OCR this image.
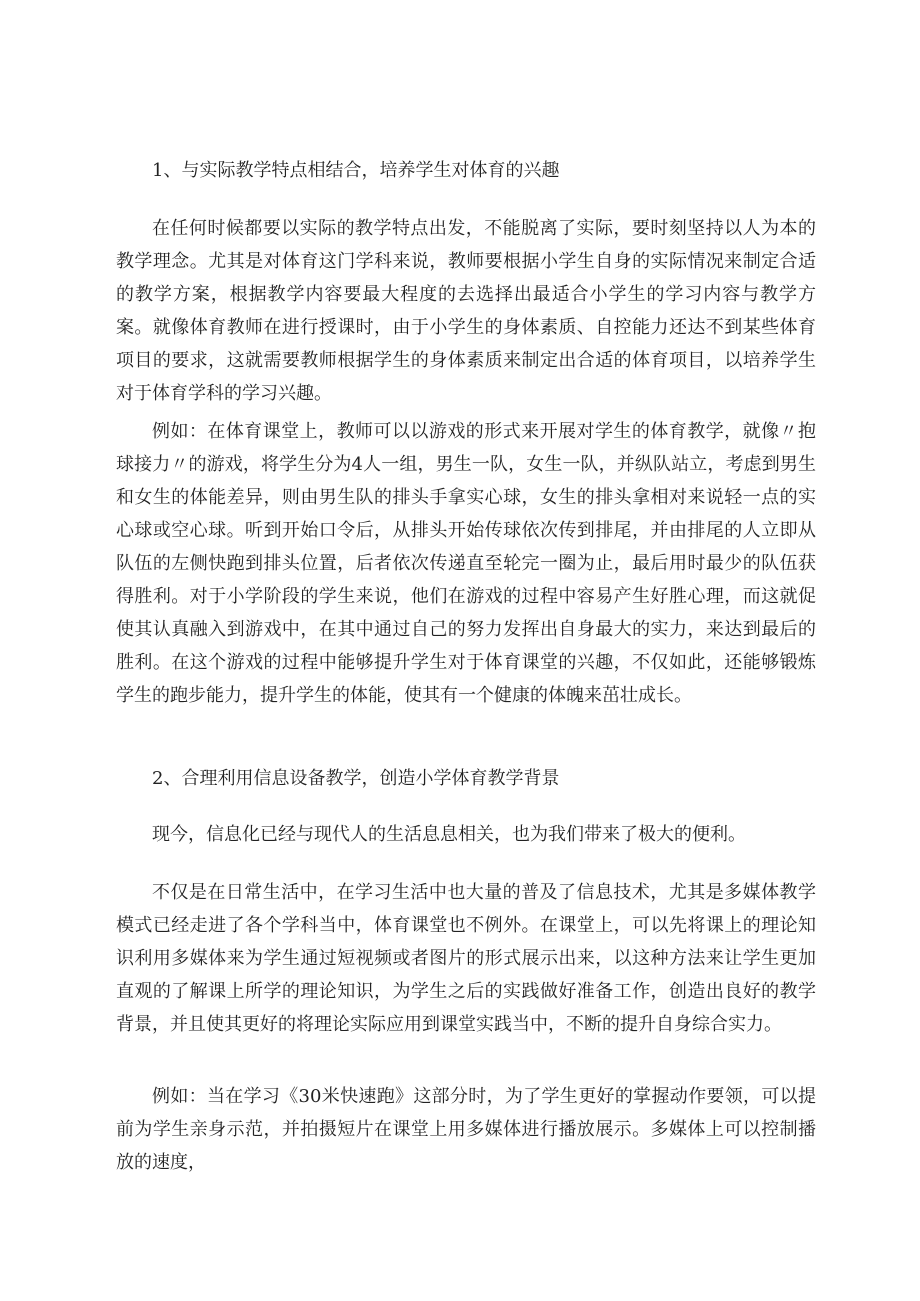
1、与实际教学特点相结合，培养学生对体育的兴趣

在任何时候都要以实际的教学特点出发，不能脱离了实际，要时刻坚持以人为本的教学理念。尤其是对体育这门学科来说，教师要根据小学生自身的实际情况来制定合适的教学方案，根据教学内容要最大程度的去选择出最适合小学生的学习内容与教学方案。就像体育教师在进行授课时，由于小学生的身体素质、自控能力还达不到某些体育项目的要求，这就需要教师根据学生的身体素质来制定出合适的体育项目，以培养学生对于体育学科的学习兴趣。

例如：在体育课堂上，教师可以以游戏的形式来开展对学生的体育教学，就像〃抱球接力〃的游戏，将学生分为4人一组，男生一队，女生一队，并纵队站立，考虑到男生和女生的体能差异，则由男生队的排头手拿实心球，女生的排头拿相对来说轻一点的实心球或空心球。听到开始口令后，从排头开始传球依次传到排尾，并由排尾的人立即从队伍的左侧快跑到排头位置，后者依次传递直至轮完一圈为止，最后用时最少的队伍获得胜利。对于小学阶段的学生来说，他们在游戏的过程中容易产生好胜心理，而这就促使其认真融入到游戏中，在其中通过自己的努力发挥出自身最大的实力，来达到最后的胜利。在这个游戏的过程中能够提升学生对于体育课堂的兴趣，不仅如此，还能够锻炼学生的跑步能力，提升学生的体能，使其有一个健康的体魄来茁壮成长。

2、合理利用信息设备教学，创造小学体育教学背景

现今，信息化已经与现代人的生活息息相关，也为我们带来了极大的便利。

不仅是在日常生活中，在学习生活中也大量的普及了信息技术，尤其是多媒体教学模式已经走进了各个学科当中，体育课堂也不例外。在课堂上，可以先将课上的理论知识利用多媒体来为学生通过短视频或者图片的形式展示出来，以这种方法来让学生更加直观的了解课上所学的理论知识，为学生之后的实践做好准备工作，创造出良好的教学背景，并且使其更好的将理论实际应用到课堂实践当中，不断的提升自身综合实力。

例如：当在学习《30米快速跑》这部分时，为了学生更好的掌握动作要领，可以提前为学生亲身示范，并拍摄短片在课堂上用多媒体进行播放展示。多媒体上可以控制播放的速度，
